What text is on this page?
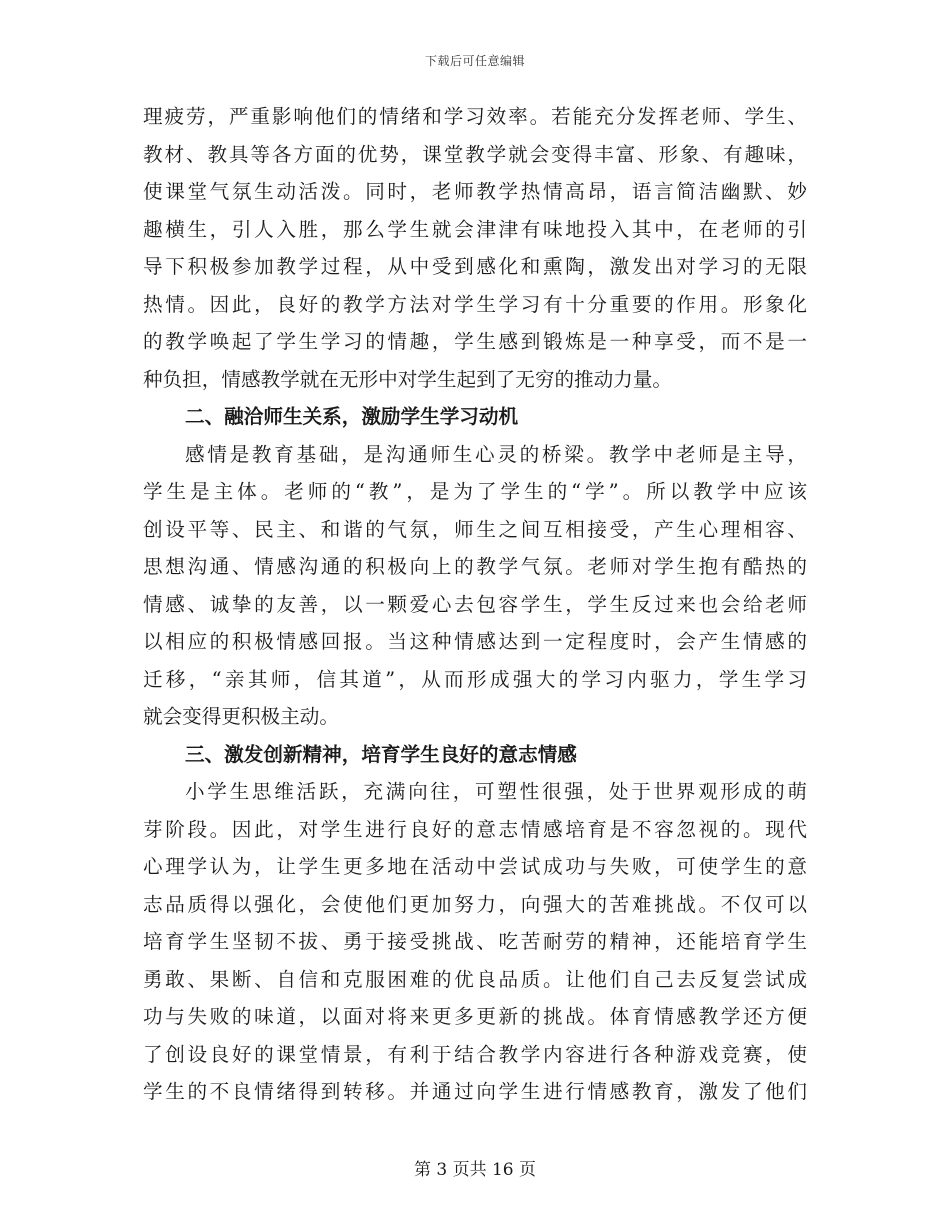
下载后可任意编辑
理疲劳，严重影响他们的情绪和学习效率。若能充分发挥老师、学生、
教材、教具等各方面的优势，课堂教学就会变得丰富、形象、有趣味，
使课堂气氛生动活泼。同时，老师教学热情高昂，语言简洁幽默、妙
趣横生，引人入胜，那么学生就会津津有味地投入其中，在老师的引
导下积极参加教学过程，从中受到感化和熏陶，激发出对学习的无限
热情。因此，良好的教学方法对学生学习有十分重要的作用。形象化
的教学唤起了学生学习的情趣，学生感到锻炼是一种享受，而不是一
种负担，情感教学就在无形中对学生起到了无穷的推动力量。
二、融洽师生关系，激励学生学习动机
感情是教育基础，是沟通师生心灵的桥梁。教学中老师是主导，
学生是主体。老师的“教”，是为了学生的“学”。所以教学中应该
创设平等、民主、和谐的气氛，师生之间互相接受，产生心理相容、
思想沟通、情感沟通的积极向上的教学气氛。老师对学生抱有酷热的
情感、诚挚的友善，以一颗爱心去包容学生，学生反过来也会给老师
以相应的积极情感回报。当这种情感达到一定程度时，会产生情感的
迁移，“亲其师，信其道”，从而形成强大的学习内驱力，学生学习
就会变得更积极主动。
三、激发创新精神，培育学生良好的意志情感
小学生思维活跃，充满向往，可塑性很强，处于世界观形成的萌
芽阶段。因此，对学生进行良好的意志情感培育是不容忽视的。现代
心理学认为，让学生更多地在活动中尝试成功与失败，可使学生的意
志品质得以强化，会使他们更加努力，向强大的苦难挑战。不仅可以
培育学生坚韧不拔、勇于接受挑战、吃苦耐劳的精神，还能培育学生
勇敢、果断、自信和克服困难的优良品质。让他们自己去反复尝试成
功与失败的味道，以面对将来更多更新的挑战。体育情感教学还方便
了创设良好的课堂情景，有利于结合教学内容进行各种游戏竞赛，使
学生的不良情绪得到转移。并通过向学生进行情感教育，激发了他们
第 3 页共 16 页
